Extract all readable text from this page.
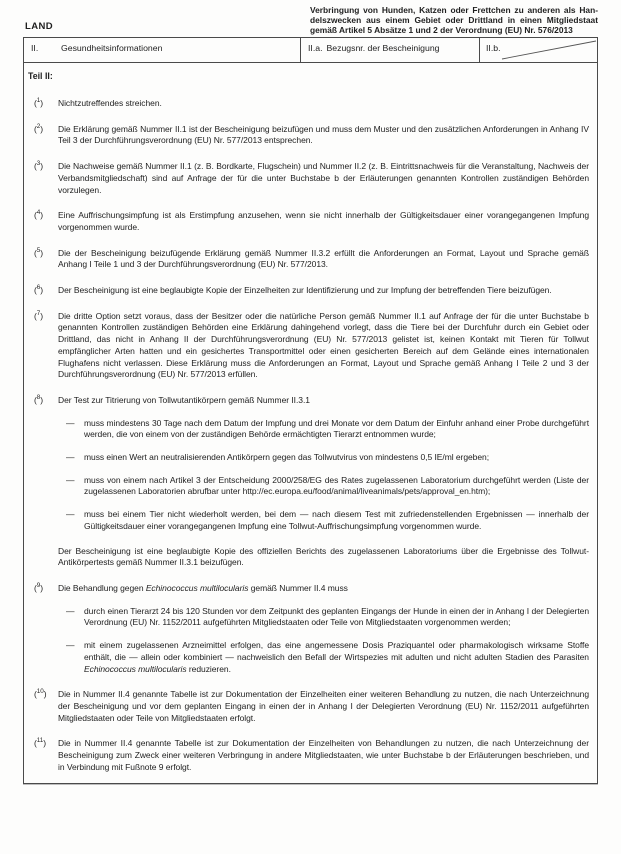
LAND
Verbringung von Hunden, Katzen oder Frettchen zu anderen als Han-
delszwecken aus einem Gebiet oder Drittland in einen Mitgliedstaat
gemäß Artikel 5 Absätze 1 und 2 der Verordnung (EU) Nr. 576/2013
II.	Gesundheitsinformationen	II.a. Bezugsnr. der Bescheinigung	II.b.
Teil II:
($^1$)	Nichtzutreffendes streichen.
($^2$)	Die Erklärung gemäß Nummer II.1 ist der Bescheinigung beizufügen und muss dem Muster und den zusätzlichen Anforderungen in Anhang IV Teil 3 der Durchführungsverordnung (EU) Nr. 577/2013 entsprechen.
($^3$)	Die Nachweise gemäß Nummer II.1 (z. B. Bordkarte, Flugschein) und Nummer II.2 (z. B. Eintrittsnachweis für die Veranstaltung, Nachweis der Verbandsmitgliedschaft) sind auf Anfrage der für die unter Buchstabe b der Erläuterungen genannten Kontrollen zuständigen Behörden vorzulegen.
($^4$)	Eine Auffrischungsimpfung ist als Erstimpfung anzusehen, wenn sie nicht innerhalb der Gültigkeitsdauer einer vorangegangenen Impfung vorgenommen wurde.
($^5$)	Die der Bescheinigung beizufügende Erklärung gemäß Nummer II.3.2 erfüllt die Anforderungen an Format, Layout und Sprache gemäß Anhang I Teile 1 und 3 der Durchführungsverordnung (EU) Nr. 577/2013.
($^6$)	Der Bescheinigung ist eine beglaubigte Kopie der Einzelheiten zur Identifizierung und zur Impfung der betreffenden Tiere beizufügen.
($^7$)	Die dritte Option setzt voraus, dass der Besitzer oder die natürliche Person gemäß Nummer II.1 auf Anfrage der für die unter Buchstabe b genannten Kontrollen zuständigen Behörden eine Erklärung dahingehend vorlegt, dass die Tiere bei der Durchfuhr durch ein Gebiet oder Drittland, das nicht in Anhang II der Durchführungsverordnung (EU) Nr. 577/2013 gelistet ist, keinen Kontakt mit Tieren für Tollwut empfänglicher Arten hatten und ein gesichertes Transportmittel oder einen gesicherten Bereich auf dem Gelände eines internationalen Flughafens nicht verlassen. Diese Erklärung muss die Anforderungen an Format, Layout und Sprache gemäß Anhang I Teile 2 und 3 der Durchführungsverordnung (EU) Nr. 577/2013 erfüllen.
($^8$)	Der Test zur Titrierung von Tollwutantikörpern gemäß Nummer II.3.1
—	muss mindestens 30 Tage nach dem Datum der Impfung und drei Monate vor dem Datum der Einfuhr anhand einer Probe durchgeführt werden, die von einem von der zuständigen Behörde ermächtigten Tierarzt entnommen wurde;
—	muss einen Wert an neutralisierenden Antikörpern gegen das Tollwutvirus von mindestens 0,5 IE/ml ergeben;
—	muss von einem nach Artikel 3 der Entscheidung 2000/258/EG des Rates zugelassenen Laboratorium durchgeführt werden (Liste der zugelassenen Laboratorien abrufbar unter http://ec.europa.eu/food/animal/liveanimals/pets/approval_en.htm);
—	muss bei einem Tier nicht wiederholt werden, bei dem — nach diesem Test mit zufriedenstellenden Ergebnissen — innerhalb der Gültigkeitsdauer einer vorangegangenen Impfung eine Tollwut-Auffrischungsimpfung vorgenommen wurde.
Der Bescheinigung ist eine beglaubigte Kopie des offiziellen Berichts des zugelassenen Laboratoriums über die Ergebnisse des Tollwut-Antikörpertests gemäß Nummer II.3.1 beizufügen.
($^9$)	Die Behandlung gegen Echinococcus multilocularis gemäß Nummer II.4 muss
—	durch einen Tierarzt 24 bis 120 Stunden vor dem Zeitpunkt des geplanten Eingangs der Hunde in einen der in Anhang I der Delegierten Verordnung (EU) Nr. 1152/2011 aufgeführten Mitgliedstaaten oder Teile von Mitgliedstaaten vorgenommen werden;
—	mit einem zugelassenen Arzneimittel erfolgen, das eine angemessene Dosis Praziquantel oder pharmakologisch wirksame Stoffe enthält, die — allein oder kombiniert — nachweislich den Befall der Wirtspezies mit adulten und nicht adulten Stadien des Parasiten Echinococcus multilocularis reduzieren.
($^{10}$)	Die in Nummer II.4 genannte Tabelle ist zur Dokumentation der Einzelheiten einer weiteren Behandlung zu nutzen, die nach Unterzeichnung der Bescheinigung und vor dem geplanten Eingang in einen der in Anhang I der Delegierten Verordnung (EU) Nr. 1152/2011 aufgeführten Mitgliedstaaten oder Teile von Mitgliedstaaten erfolgt.
($^{11}$)	Die in Nummer II.4 genannte Tabelle ist zur Dokumentation der Einzelheiten von Behandlungen zu nutzen, die nach Unterzeichnung der Bescheinigung zum Zweck einer weiteren Verbringung in andere Mitgliedstaaten, wie unter Buchstabe b der Erläuterungen beschrieben, und in Verbindung mit Fußnote 9 erfolgt.
